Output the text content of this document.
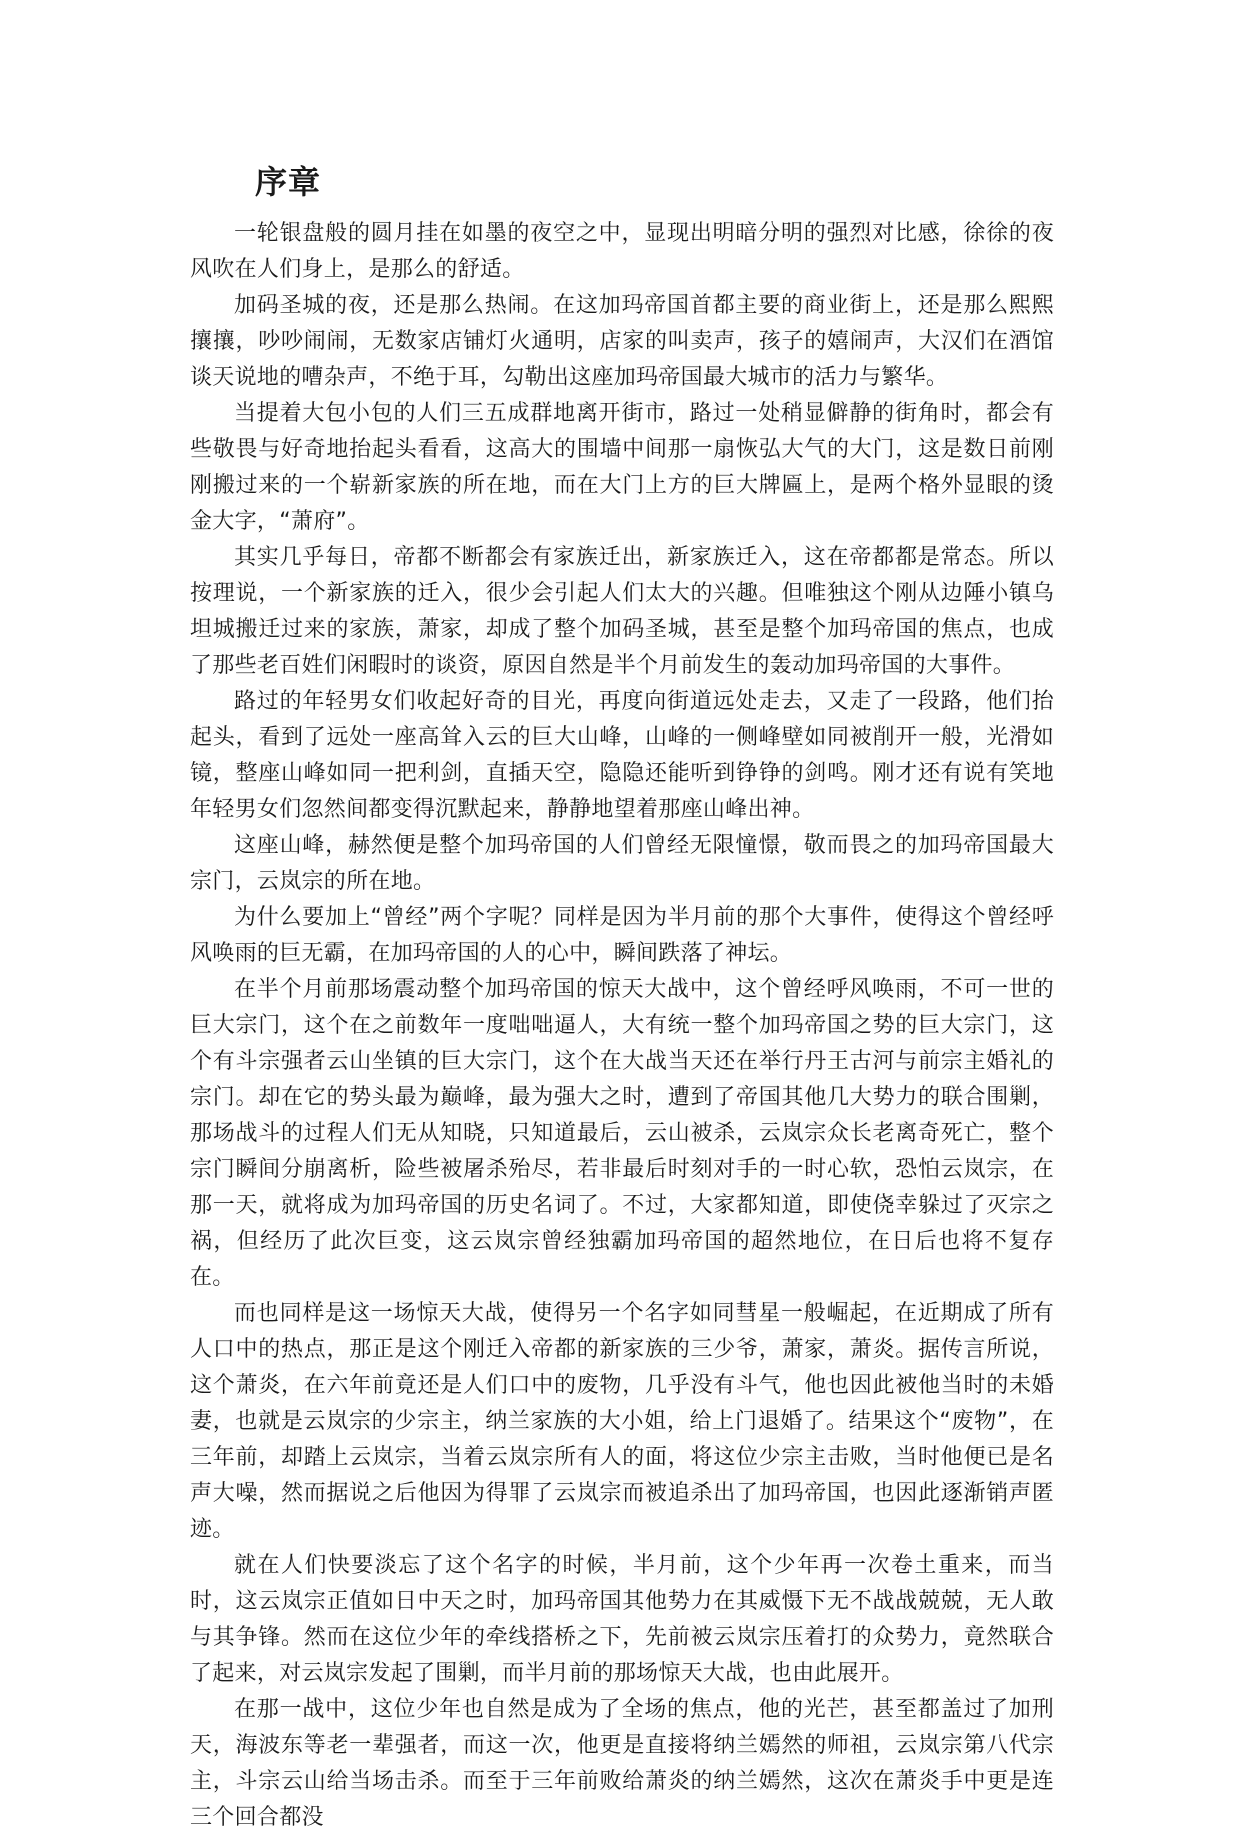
序章

一轮银盘般的圆月挂在如墨的夜空之中，显现出明暗分明的强烈对比感，徐徐的夜风吹在人们身上，是那么的舒适。

加码圣城的夜，还是那么热闹。在这加玛帝国首都主要的商业街上，还是那么熙熙攘攘，吵吵闹闹，无数家店铺灯火通明，店家的叫卖声，孩子的嬉闹声，大汉们在酒馆谈天说地的嘈杂声，不绝于耳，勾勒出这座加玛帝国最大城市的活力与繁华。

当提着大包小包的人们三五成群地离开街市，路过一处稍显僻静的街角时，都会有些敬畏与好奇地抬起头看看，这高大的围墙中间那一扇恢弘大气的大门，这是数日前刚刚搬过来的一个崭新家族的所在地，而在大门上方的巨大牌匾上，是两个格外显眼的烫金大字，“萧府”。

其实几乎每日，帝都不断都会有家族迁出，新家族迁入，这在帝都都是常态。所以按理说，一个新家族的迁入，很少会引起人们太大的兴趣。但唯独这个刚从边陲小镇乌坦城搬迁过来的家族，萧家，却成了整个加码圣城，甚至是整个加玛帝国的焦点，也成了那些老百姓们闲暇时的谈资，原因自然是半个月前发生的轰动加玛帝国的大事件。

路过的年轻男女们收起好奇的目光，再度向街道远处走去，又走了一段路，他们抬起头，看到了远处一座高耸入云的巨大山峰，山峰的一侧峰壁如同被削开一般，光滑如镜，整座山峰如同一把利剑，直插天空，隐隐还能听到铮铮的剑鸣。刚才还有说有笑地年轻男女们忽然间都变得沉默起来，静静地望着那座山峰出神。

这座山峰，赫然便是整个加玛帝国的人们曾经无限憧憬，敬而畏之的加玛帝国最大宗门，云岚宗的所在地。

为什么要加上“曾经”两个字呢？同样是因为半月前的那个大事件，使得这个曾经呼风唤雨的巨无霸，在加玛帝国的人的心中，瞬间跌落了神坛。

在半个月前那场震动整个加玛帝国的惊天大战中，这个曾经呼风唤雨，不可一世的巨大宗门，这个在之前数年一度咄咄逼人，大有统一整个加玛帝国之势的巨大宗门，这个有斗宗强者云山坐镇的巨大宗门，这个在大战当天还在举行丹王古河与前宗主婚礼的宗门。却在它的势头最为巅峰，最为强大之时，遭到了帝国其他几大势力的联合围剿，那场战斗的过程人们无从知晓，只知道最后，云山被杀，云岚宗众长老离奇死亡，整个宗门瞬间分崩离析，险些被屠杀殆尽，若非最后时刻对手的一时心软，恐怕云岚宗，在那一天，就将成为加玛帝国的历史名词了。不过，大家都知道，即使侥幸躲过了灭宗之祸，但经历了此次巨变，这云岚宗曾经独霸加玛帝国的超然地位，在日后也将不复存在。

而也同样是这一场惊天大战，使得另一个名字如同彗星一般崛起，在近期成了所有人口中的热点，那正是这个刚迁入帝都的新家族的三少爷，萧家，萧炎。据传言所说，这个萧炎，在六年前竟还是人们口中的废物，几乎没有斗气，他也因此被他当时的未婚妻，也就是云岚宗的少宗主，纳兰家族的大小姐，给上门退婚了。结果这个“废物”，在三年前，却踏上云岚宗，当着云岚宗所有人的面，将这位少宗主击败，当时他便已是名声大噪，然而据说之后他因为得罪了云岚宗而被追杀出了加玛帝国，也因此逐渐销声匿迹。

就在人们快要淡忘了这个名字的时候，半月前，这个少年再一次卷土重来，而当时，这云岚宗正值如日中天之时，加玛帝国其他势力在其威慑下无不战战兢兢，无人敢与其争锋。然而在这位少年的牵线搭桥之下，先前被云岚宗压着打的众势力，竟然联合了起来，对云岚宗发起了围剿，而半月前的那场惊天大战，也由此展开。

在那一战中，这位少年也自然是成为了全场的焦点，他的光芒，甚至都盖过了加刑天，海波东等老一辈强者，而这一次，他更是直接将纳兰嫣然的师祖，云岚宗第八代宗主，斗宗云山给当场击杀。而至于三年前败给萧炎的纳兰嫣然，这次在萧炎手中更是连三个回合都没
